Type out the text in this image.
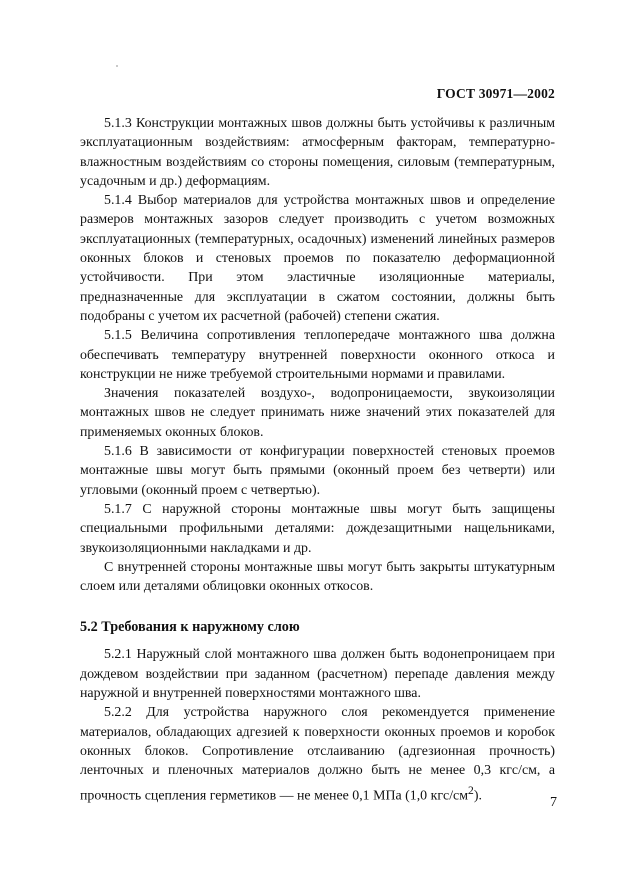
ГОСТ 30971—2002

5.1.3 Конструкции монтажных швов должны быть устойчивы к различным эксплуатационным воздействиям: атмосферным факторам, температурно-влажностным воздействиям со стороны помещения, силовым (температурным, усадочным и др.) деформациям.

5.1.4 Выбор материалов для устройства монтажных швов и определение размеров монтажных зазоров следует производить с учетом возможных эксплуатационных (температурных, осадочных) изменений линейных размеров оконных блоков и стеновых проемов по показателю деформационной устойчивости. При этом эластичные изоляционные материалы, предназначенные для эксплуатации в сжатом состоянии, должны быть подобраны с учетом их расчетной (рабочей) степени сжатия.

5.1.5 Величина сопротивления теплопередаче монтажного шва должна обеспечивать температуру внутренней поверхности оконного откоса и конструкции не ниже требуемой строительными нормами и правилами.

Значения показателей воздухо-, водопроницаемости, звукоизоляции монтажных швов не следует принимать ниже значений этих показателей для применяемых оконных блоков.

5.1.6 В зависимости от конфигурации поверхностей стеновых проемов монтажные швы могут быть прямыми (оконный проем без четверти) или угловыми (оконный проем с четвертью).

5.1.7 С наружной стороны монтажные швы могут быть защищены специальными профильными деталями: дождезащитными нащельниками, звукоизоляционными накладками и др.

С внутренней стороны монтажные швы могут быть закрыты штукатурным слоем или деталями облицовки оконных откосов.

5.2 Требования к наружному слою

5.2.1 Наружный слой монтажного шва должен быть водонепроницаем при дождевом воздействии при заданном (расчетном) перепаде давления между наружной и внутренней поверхностями монтажного шва.

5.2.2 Для устройства наружного слоя рекомендуется применение материалов, обладающих адгезией к поверхности оконных проемов и коробок оконных блоков. Сопротивление отслаиванию (адгезионная прочность) ленточных и пленочных материалов должно быть не менее 0,3 кгс/см, а прочность сцепления герметиков — не менее 0,1 МПа (1,0 кгс/$см^2$).	7
